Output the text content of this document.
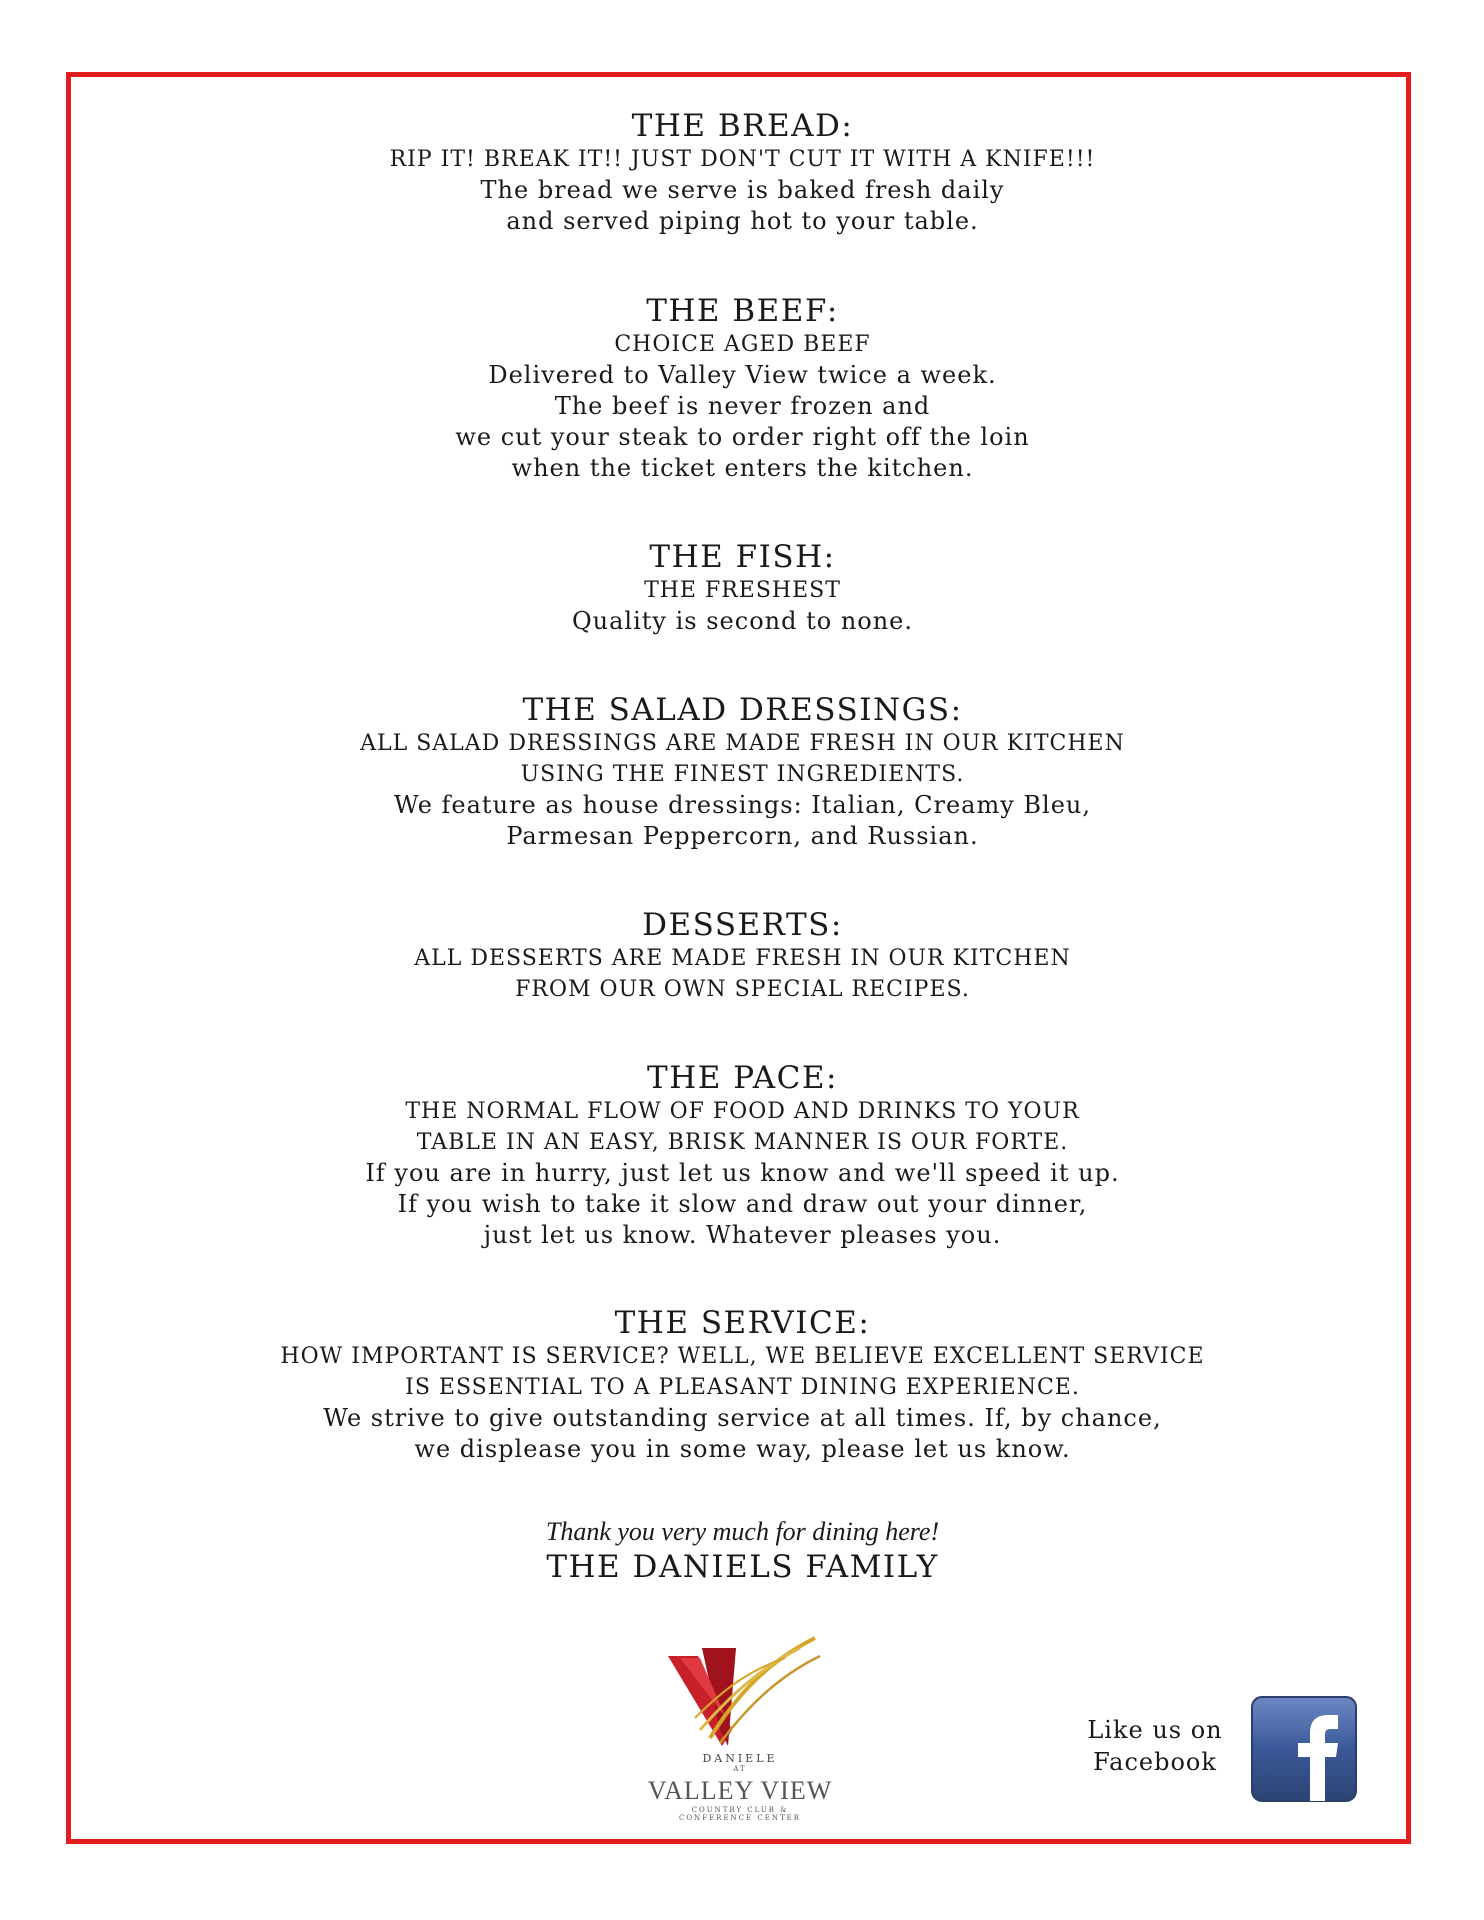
THE BREAD:
RIP IT! BREAK IT!! JUST DON'T CUT IT WITH A KNIFE!!!
The bread we serve is baked fresh daily
and served piping hot to your table.
THE BEEF:
CHOICE AGED BEEF
Delivered to Valley View twice a week.
The beef is never frozen and
we cut your steak to order right off the loin
when the ticket enters the kitchen.
THE FISH:
THE FRESHEST
Quality is second to none.
THE SALAD DRESSINGS:
ALL SALAD DRESSINGS ARE MADE FRESH IN OUR KITCHEN
USING THE FINEST INGREDIENTS.
We feature as house dressings: Italian, Creamy Bleu,
Parmesan Peppercorn, and Russian.
DESSERTS:
ALL DESSERTS ARE MADE FRESH IN OUR KITCHEN
FROM OUR OWN SPECIAL RECIPES.
THE PACE:
THE NORMAL FLOW OF FOOD AND DRINKS TO YOUR
TABLE IN AN EASY, BRISK MANNER IS OUR FORTE.
If you are in hurry, just let us know and we'll speed it up.
If you wish to take it slow and draw out your dinner,
just let us know. Whatever pleases you.
THE SERVICE:
HOW IMPORTANT IS SERVICE? WELL, WE BELIEVE EXCELLENT SERVICE
IS ESSENTIAL TO A PLEASANT DINING EXPERIENCE.
We strive to give outstanding service at all times. If, by chance,
we displease you in some way, please let us know.
Thank you very much for dining here!
THE DANIELS FAMILY
DANIELE
AT
VALLEY VIEW
COUNTRY CLUB &
CONFERENCE CENTER
Like us on
Facebook
